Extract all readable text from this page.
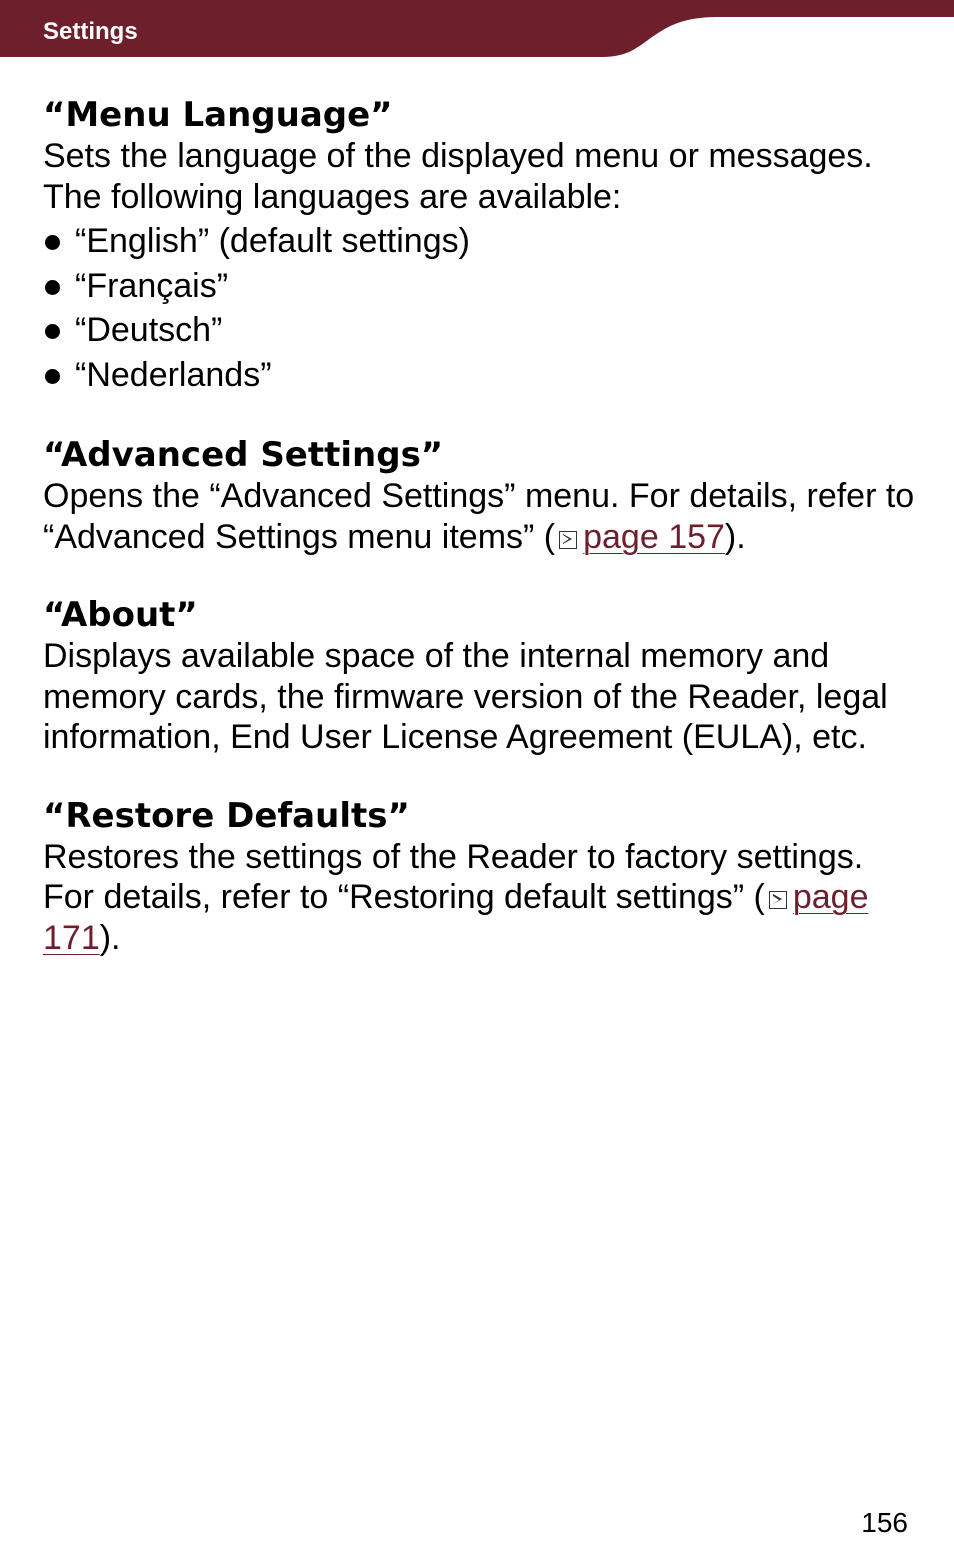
Settings
“Menu Language”

Sets the language of the displayed menu or messages. The following languages are available:

“English” (default settings)
“Français”
“Deutsch”
“Nederlands”
“Advanced Settings”

Opens the “Advanced Settings” menu. For details, refer to “Advanced Settings menu items” ( page 157).

“About”

Displays available space of the internal memory and memory cards, the firmware version of the Reader, legal information, End User License Agreement (EULA), etc.

“Restore Defaults”

Restores the settings of the Reader to factory settings. For details, refer to “Restoring default settings” ( page 171).

156
